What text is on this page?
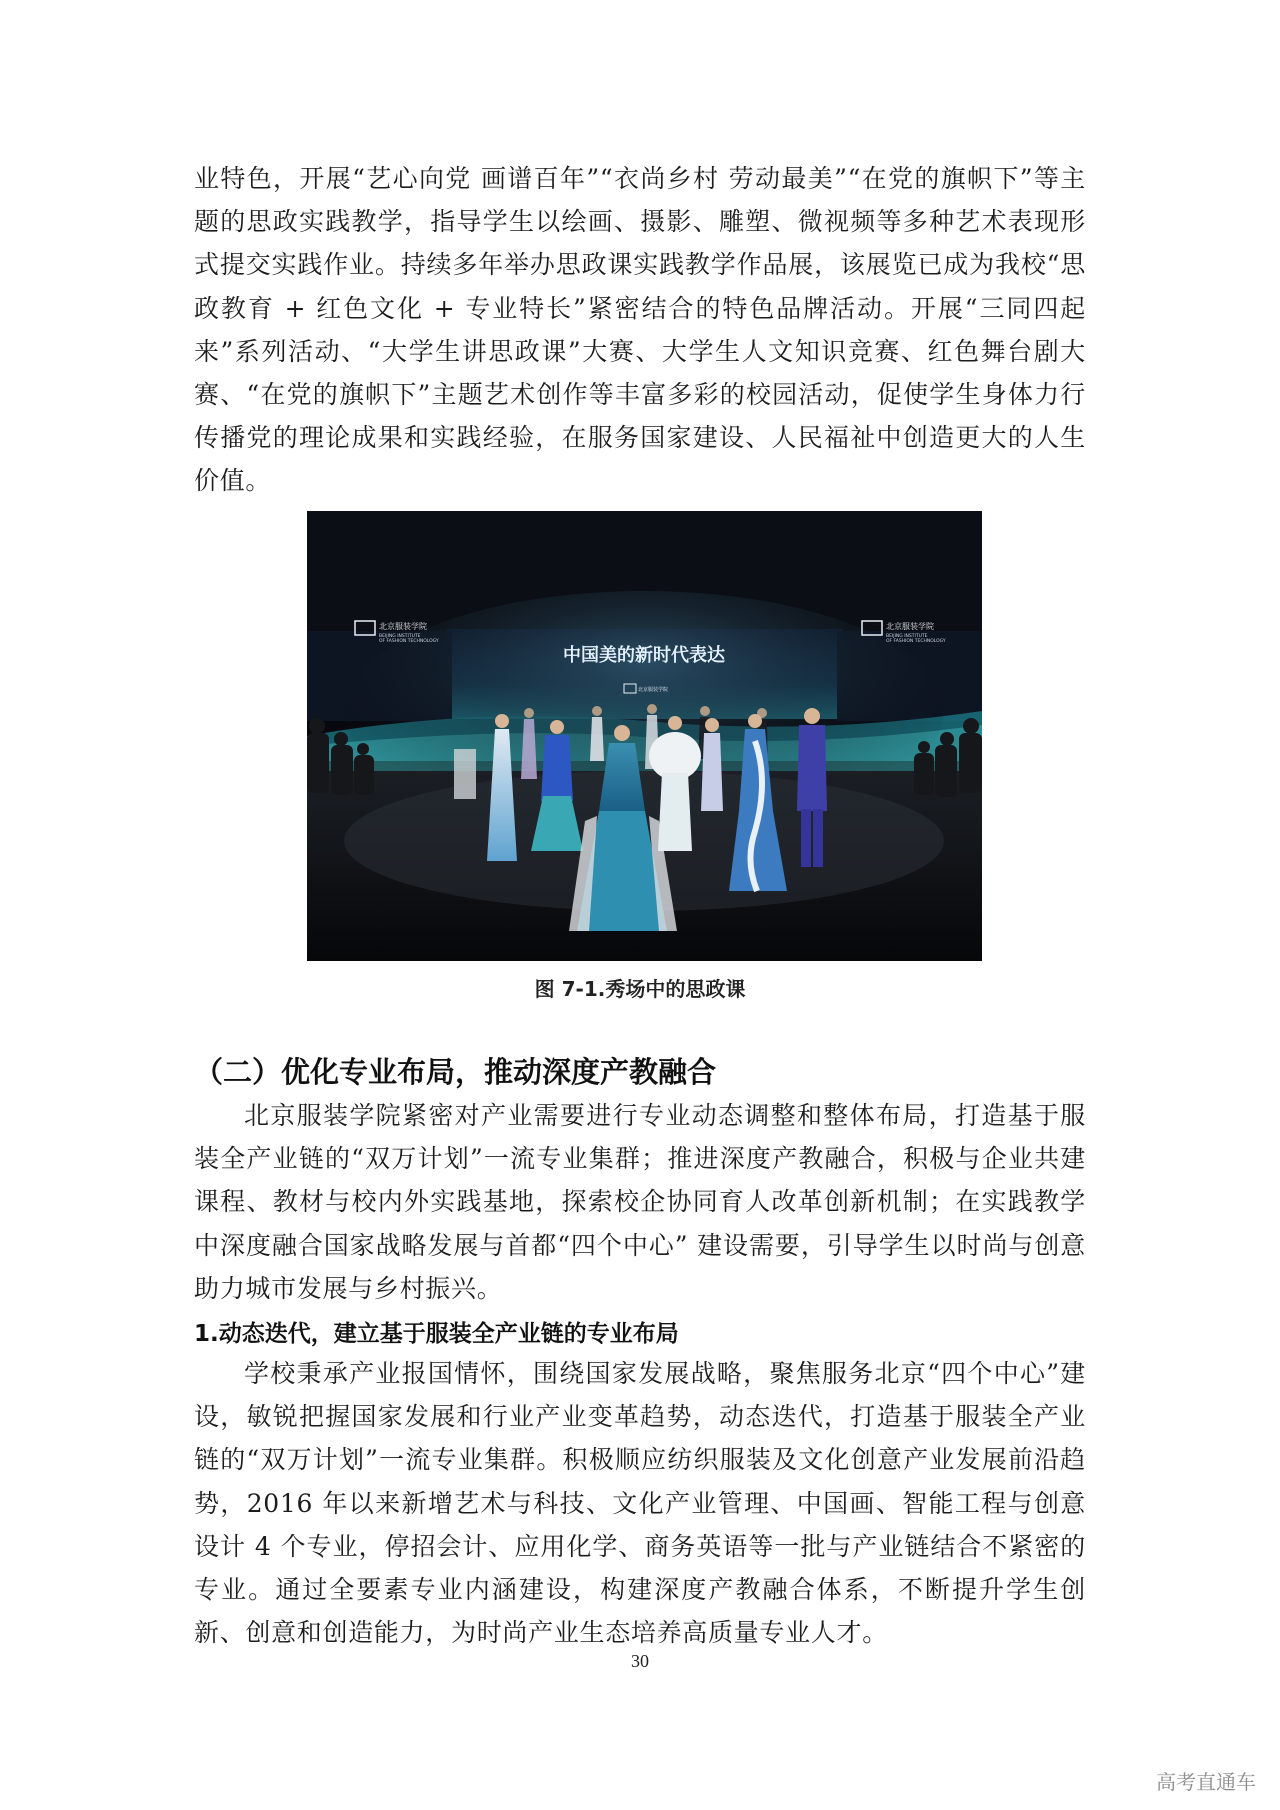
业特色，开展“艺心向党 画谱百年”“衣尚乡村 劳动最美”“在党的旗帜下”等主题的思政实践教学，指导学生以绘画、摄影、雕塑、微视频等多种艺术表现形式提交实践作业。持续多年举办思政课实践教学作品展，该展览已成为我校“思政教育 + 红色文化 + 专业特长”紧密结合的特色品牌活动。开展“三同四起来”系列活动、“大学生讲思政课”大赛、大学生人文知识竞赛、红色舞台剧大赛、“在党的旗帜下”主题艺术创作等丰富多彩的校园活动，促使学生身体力行传播党的理论成果和实践经验，在服务国家建设、人民福祉中创造更大的人生价值。

北京服装学院
BEIJING INSTITUTE
OF FASHION TECHNOLOGY
北京服装学院
BEIJING INSTITUTE
OF FASHION TECHNOLOGY
中国美的新时代表达
北京服装学院
图 7-1.秀场中的思政课
（二）优化专业布局，推动深度产教融合

北京服装学院紧密对产业需要进行专业动态调整和整体布局，打造基于服装全产业链的“双万计划”一流专业集群；推进深度产教融合，积极与企业共建课程、教材与校内外实践基地，探索校企协同育人改革创新机制；在实践教学中深度融合国家战略发展与首都“四个中心” 建设需要，引导学生以时尚与创意助力城市发展与乡村振兴。

1.动态迭代，建立基于服装全产业链的专业布局

学校秉承产业报国情怀，围绕国家发展战略，聚焦服务北京“四个中心”建设，敏锐把握国家发展和行业产业变革趋势，动态迭代，打造基于服装全产业链的“双万计划”一流专业集群。积极顺应纺织服装及文化创意产业发展前沿趋势，2016 年以来新增艺术与科技、文化产业管理、中国画、智能工程与创意设计 4 个专业，停招会计、应用化学、商务英语等一批与产业链结合不紧密的专业。通过全要素专业内涵建设，构建深度产教融合体系，不断提升学生创新、创意和创造能力，为时尚产业生态培养高质量专业人才。

30
高考直通车
